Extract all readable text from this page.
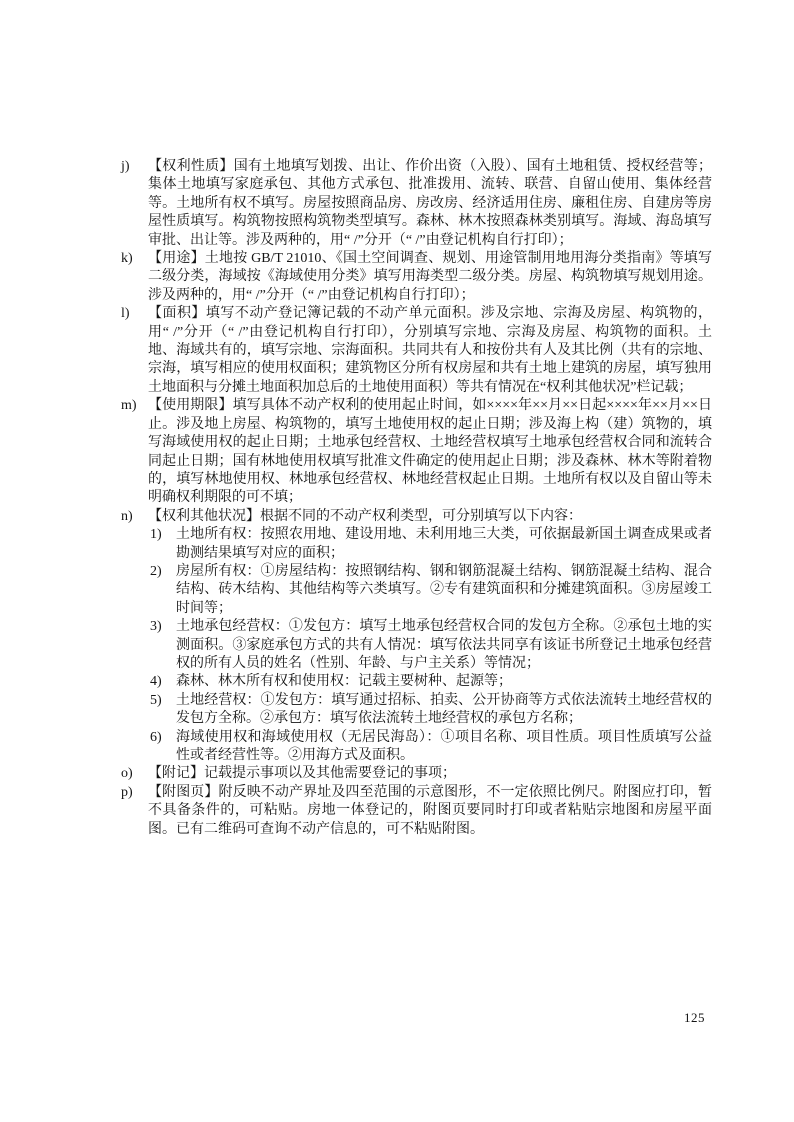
j)	【权利性质】国有土地填写划拨、出让、作价出资（入股）、国有土地租赁、授权经营等；集体土地填写家庭承包、其他方式承包、批准拨用、流转、联营、自留山使用、集体经营等。土地所有权不填写。房屋按照商品房、房改房、经济适用住房、廉租住房、自建房等房屋性质填写。构筑物按照构筑物类型填写。森林、林木按照森林类别填写。海域、海岛填写审批、出让等。涉及两种的，用“ /”分开（“ /”由登记机构自行打印）；
k)	【用途】土地按 GB/T 21010、《国土空间调查、规划、用途管制用地用海分类指南》等填写二级分类，海域按《海域使用分类》填写用海类型二级分类。房屋、构筑物填写规划用途。涉及两种的，用“ /”分开（“ /”由登记机构自行打印）；
l)	【面积】填写不动产登记簿记载的不动产单元面积。涉及宗地、宗海及房屋、构筑物的，用“ /”分开（“ /”由登记机构自行打印），分别填写宗地、宗海及房屋、构筑物的面积。土地、海域共有的，填写宗地、宗海面积。共同共有人和按份共有人及其比例（共有的宗地、宗海，填写相应的使用权面积；建筑物区分所有权房屋和共有土地上建筑的房屋，填写独用土地面积与分摊土地面积加总后的土地使用面积）等共有情况在“权利其他状况”栏记载；
m) 【使用期限】填写具体不动产权利的使用起止时间，如××××年××月××日起××××年××月××日止。涉及地上房屋、构筑物的，填写土地使用权的起止日期；涉及海上构（建）筑物的，填写海域使用权的起止日期；土地承包经营权、土地经营权填写土地承包经营权合同和流转合同起止日期；国有林地使用权填写批准文件确定的使用起止日期；涉及森林、林木等附着物的，填写林地使用权、林地承包经营权、林地经营权起止日期。土地所有权以及自留山等未明确权利期限的可不填；
n)	【权利其他状况】根据不同的不动产权利类型，可分别填写以下内容：
1)	土地所有权：按照农用地、建设用地、未利用地三大类，可依据最新国土调查成果或者勘测结果填写对应的面积；
2)	房屋所有权：①房屋结构：按照钢结构、钢和钢筋混凝土结构、钢筋混凝土结构、混合结构、砖木结构、其他结构等六类填写。②专有建筑面积和分摊建筑面积。③房屋竣工时间等；
3)	土地承包经营权：①发包方：填写土地承包经营权合同的发包方全称。②承包土地的实测面积。③家庭承包方式的共有人情况：填写依法共同享有该证书所登记土地承包经营权的所有人员的姓名（性别、年龄、与户主关系）等情况；
4)	森林、林木所有权和使用权：记载主要树种、起源等；
5)	土地经营权：①发包方：填写通过招标、拍卖、公开协商等方式依法流转土地经营权的发包方全称。②承包方：填写依法流转土地经营权的承包方名称；
6)	海域使用权和海域使用权（无居民海岛）：①项目名称、项目性质。项目性质填写公益性或者经营性等。②用海方式及面积。
o)	【附记】记载提示事项以及其他需要登记的事项；
p)	【附图页】附反映不动产界址及四至范围的示意图形，不一定依照比例尺。附图应打印，暂不具备条件的，可粘贴。房地一体登记的，附图页要同时打印或者粘贴宗地图和房屋平面图。已有二维码可查询不动产信息的，可不粘贴附图。
125
